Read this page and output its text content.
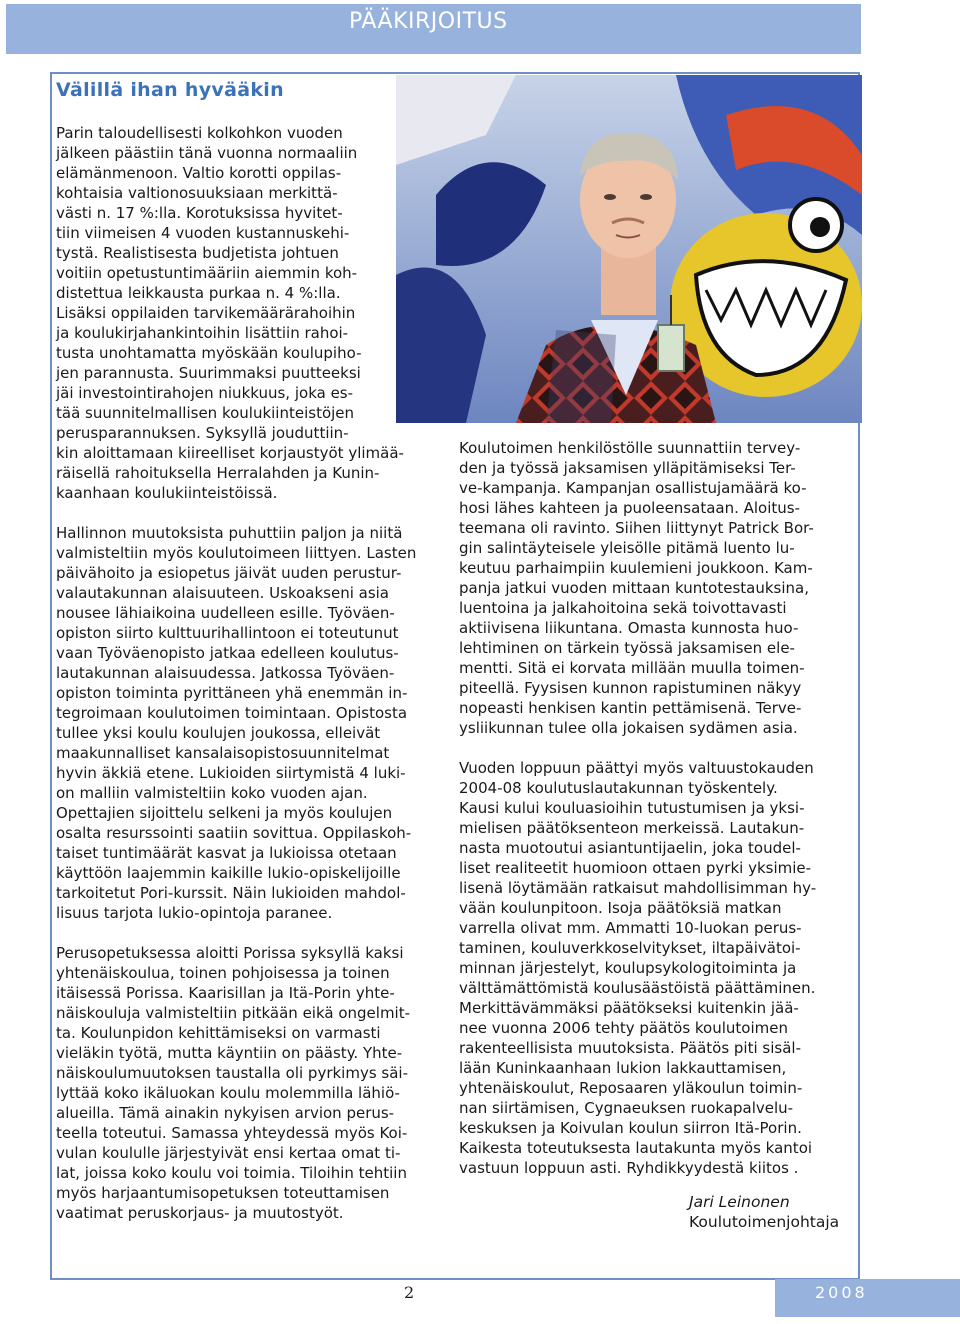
PÄÄKIRJOITUS
Välillä ihan hyvääkin
Parin taloudellisesti kolkohkon vuoden
jälkeen päästiin tänä vuonna normaaliin
elämänmenoon. Valtio korotti oppilas-
kohtaisia valtionosuuksiaan merkittä-
västi n. 17 %:lla. Korotuksissa hyvitet-
tiin viimeisen 4 vuoden kustannuskehi-
tystä. Realistisesta budjetista johtuen
voitiin opetustuntimääriin aiemmin koh-
distettua leikkausta purkaa n. 4 %:lla.
Lisäksi oppilaiden tarvikemäärärahoihin
ja koulukirjahankintoihin lisättiin rahoi-
tusta unohtamatta myöskään koulupiho-
jen parannusta. Suurimmaksi puutteeksi
jäi investointirahojen niukkuus, joka es-
tää suunnitelmallisen koulukiinteistöjen
perusparannuksen. Syksyllä jouduttiin-
kin aloittamaan kiireelliset korjaustyöt ylimää-
räisellä rahoituksella Herralahden ja Kunin-
kaanhaan koulukiinteistöissä.
Hallinnon muutoksista puhuttiin paljon ja niitä
valmisteltiin myös koulutoimeen liittyen. Lasten
päivähoito ja esiopetus jäivät uuden perustur-
valautakunnan alaisuuteen. Uskoakseni asia
nousee lähiaikoina uudelleen esille. Työväen-
opiston siirto kulttuurihallintoon ei toteutunut
vaan Työväenopisto jatkaa edelleen koulutus-
lautakunnan alaisuudessa. Jatkossa Työväen-
opiston toiminta pyrittäneen yhä enemmän in-
tegroimaan koulutoimen toimintaan. Opistosta
tullee yksi koulu koulujen joukossa, elleivät
maakunnalliset kansalaisopistosuunnitelmat
hyvin äkkiä etene. Lukioiden siirtymistä 4 luki-
on malliin valmisteltiin koko vuoden ajan.
Opettajien sijoittelu selkeni ja myös koulujen
osalta resurssointi saatiin sovittua. Oppilaskoh-
taiset tuntimäärät kasvat ja lukioissa otetaan
käyttöön laajemmin kaikille lukio-opiskelijoille
tarkoitetut Pori-kurssit. Näin lukioiden mahdol-
lisuus tarjota lukio-opintoja paranee.
Perusopetuksessa aloitti Porissa syksyllä kaksi
yhtenäiskoulua, toinen pohjoisessa ja toinen
itäisessä Porissa. Kaarisillan ja Itä-Porin yhte-
näiskouluja valmisteltiin pitkään eikä ongelmit-
ta. Koulunpidon kehittämiseksi on varmasti
vieläkin työtä, mutta käyntiin on päästy. Yhte-
näiskoulumuutoksen taustalla oli pyrkimys säi-
lyttää koko ikäluokan koulu molemmilla lähiö-
alueilla. Tämä ainakin nykyisen arvion perus-
teella toteutui. Samassa yhteydessä myös Koi-
vulan koululle järjestyivät ensi kertaa omat ti-
lat, joissa koko koulu voi toimia. Tiloihin tehtiin
myös harjaantumisopetuksen toteuttamisen
vaatimat peruskorjaus- ja muutostyöt.
Koulutoimen henkilöstölle suunnattiin tervey-
den ja työssä jaksamisen ylläpitämiseksi Ter-
ve-kampanja. Kampanjan osallistujamäärä ko-
hosi lähes kahteen ja puoleensataan. Aloitus-
teemana oli ravinto. Siihen liittynyt Patrick Bor-
gin salintäyteisele yleisölle pitämä luento lu-
keutuu parhaimpiin kuulemieni joukkoon. Kam-
panja jatkui vuoden mittaan kuntotestauksina,
luentoina ja jalkahoitoina sekä toivottavasti
aktiivisena liikuntana. Omasta kunnosta huo-
lehtiminen on tärkein työssä jaksamisen ele-
mentti. Sitä ei korvata millään muulla toimen-
piteellä. Fyysisen kunnon rapistuminen näkyy
nopeasti henkisen kantin pettämisenä. Terve-
ysliikunnan tulee olla jokaisen sydämen asia.
Vuoden loppuun päättyi myös valtuustokauden
2004-08 koulutuslautakunnan työskentely.
Kausi kului kouluasioihin tutustumisen ja yksi-
mielisen päätöksenteon merkeissä. Lautakun-
nasta muotoutui asiantuntijaelin, joka toudel-
liset realiteetit huomioon ottaen pyrki yksimie-
lisenä löytämään ratkaisut mahdollisimman hy-
vään koulunpitoon. Isoja päätöksiä matkan
varrella olivat mm. Ammatti 10-luokan perus-
taminen, kouluverkkoselvitykset, iltapäivätoi-
minnan järjestelyt, koulupsykologitoiminta ja
välttämättömistä koulusäästöistä päättäminen.
Merkittävämmäksi päätökseksi kuitenkin jää-
nee vuonna 2006 tehty päätös koulutoimen
rakenteellisista muutoksista. Päätös piti sisäl-
lään Kuninkaanhaan lukion lakkauttamisen,
yhtenäiskoulut, Reposaaren yläkoulun toimin-
nan siirtämisen, Cygnaeuksen ruokapalvelu-
keskuksen ja Koivulan koulun siirron Itä-Porin.
Kaikesta toteutuksesta lautakunta myös kantoi
vastuun loppuun asti. Ryhdikkyydestä kiitos .
Jari Leinonen
Koulutoimenjohtaja
2	2008
